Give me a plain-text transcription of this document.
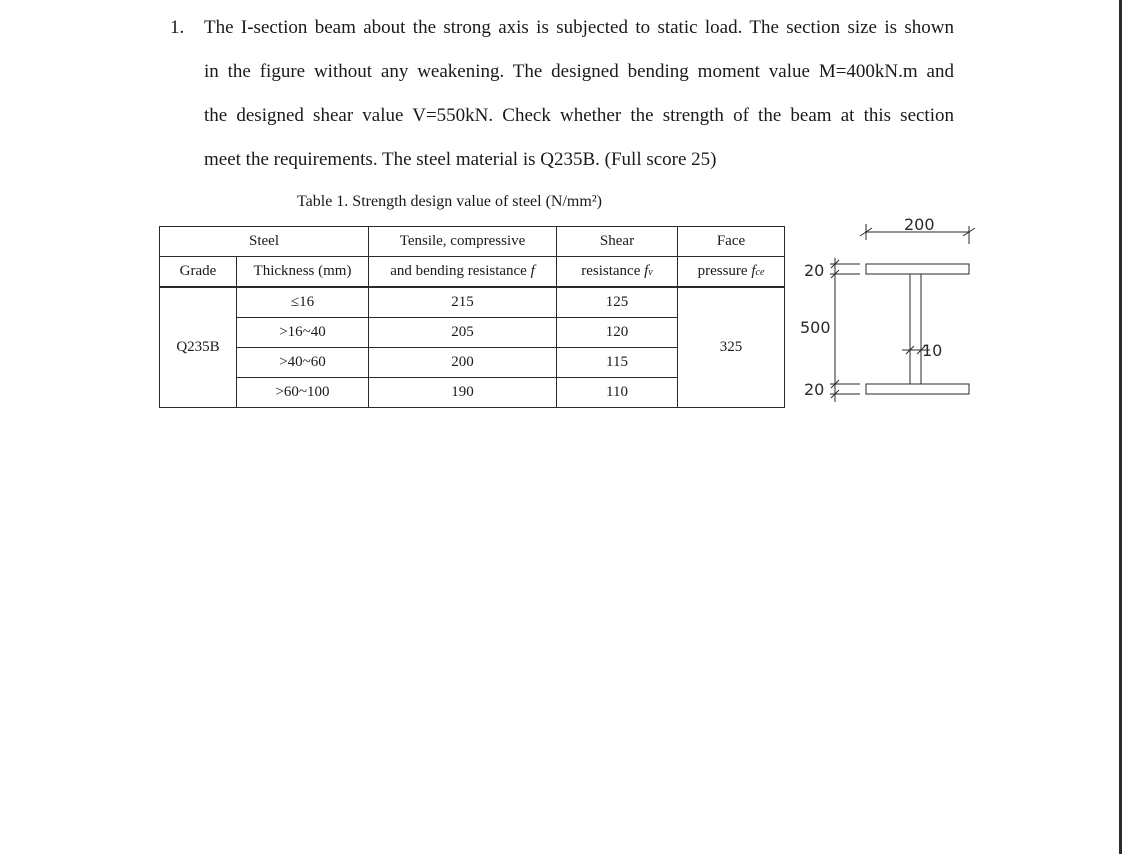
1. The I-section beam about the strong axis is subjected to static load. The section size is shown
in the figure without any weakening. The designed bending moment value M=400kN.m and
the designed shear value V=550kN. Check whether the strength of the beam at this section
meet the requirements. The steel material is Q235B. (Full score 25)
Table 1. Strength design value of steel (N/mm²)
Steel		Tensile, compressive	Shear	Face
Grade	Thickness (mm)	and bending resistance f	resistance fv	pressure fce
Q235B	≤16	215	125	325
	>16~40	205	120	
	>40~60	200	115	
	>60~100	190	110	
200
20
500
10
20
